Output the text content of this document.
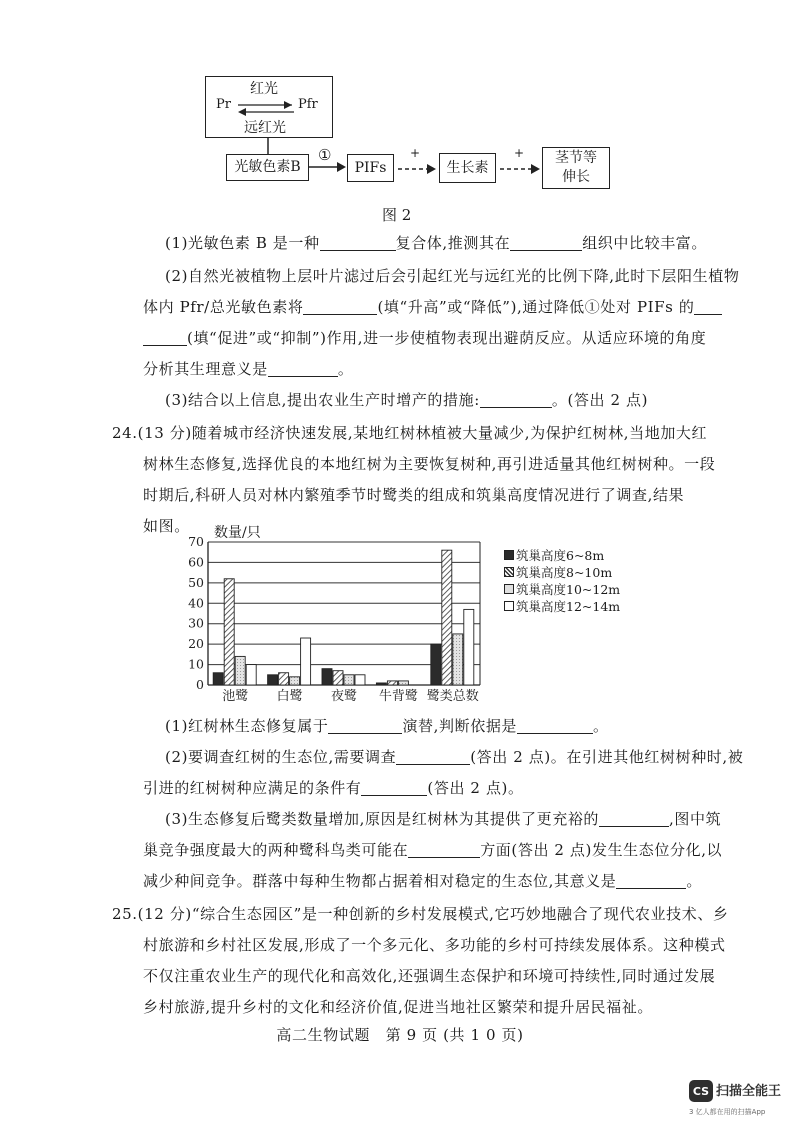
红光
Pr	Pfr
远红光
光敏色素B
①
PIFs
+
生长素
+	茎节等伸长
图 2
(1)光敏色素 B 是一种	复合体,推测其在	组织中比较丰富。
(2)自然光被植物上层叶片滤过后会引起红光与远红光的比例下降,此时下层阳生植物
体内 Pfr/总光敏色素将	(填“升高”或“降低”),通过降低①处对 PIFs 的
(填“促进”或“抑制”)作用,进一步使植物表现出避荫反应。从适应环境的角度
分析其生理意义是	。
(3)结合以上信息,提出农业生产时增产的措施:	。(答出 2 点)
24.(13 分)随着城市经济快速发展,某地红树林植被大量减少,为保护红树林,当地加大红
树林生态修复,选择优良的本地红树为主要恢复树种,再引进适量其他红树树种。一段
时期后,科研人员对林内繁殖季节时鹭类的组成和筑巢高度情况进行了调查,结果
如图。	数量/只
0
10
20
30
40
50
60
70
池鹭 白鹭 夜鹭 牛背鹭 鹭类总数
筑巢高度6~8m
筑巢高度8~10m
筑巢高度10~12m
筑巢高度12~14m
(1)红树林生态修复属于	演替,判断依据是	。
(2)要调查红树的生态位,需要调查	(答出 2 点)。在引进其他红树树种时,被
引进的红树树种应满足的条件有	(答出 2 点)。
(3)生态修复后鹭类数量增加,原因是红树林为其提供了更充裕的	,图中筑
巢竞争强度最大的两种鹭科鸟类可能在	方面(答出 2 点)发生生态位分化,以
减少种间竞争。群落中每种生物都占据着相对稳定的生态位,其意义是	。
25.(12 分)“综合生态园区”是一种创新的乡村发展模式,它巧妙地融合了现代农业技术、乡
村旅游和乡村社区发展,形成了一个多元化、多功能的乡村可持续发展体系。这种模式
不仅注重农业生产的现代化和高效化,还强调生态保护和环境可持续性,同时通过发展
乡村旅游,提升乡村的文化和经济价值,促进当地社区繁荣和提升居民福祉。
高二生物试题　第 9 页 (共 1 0 页)
CS 扫描全能王
3 亿人都在用的扫描App
